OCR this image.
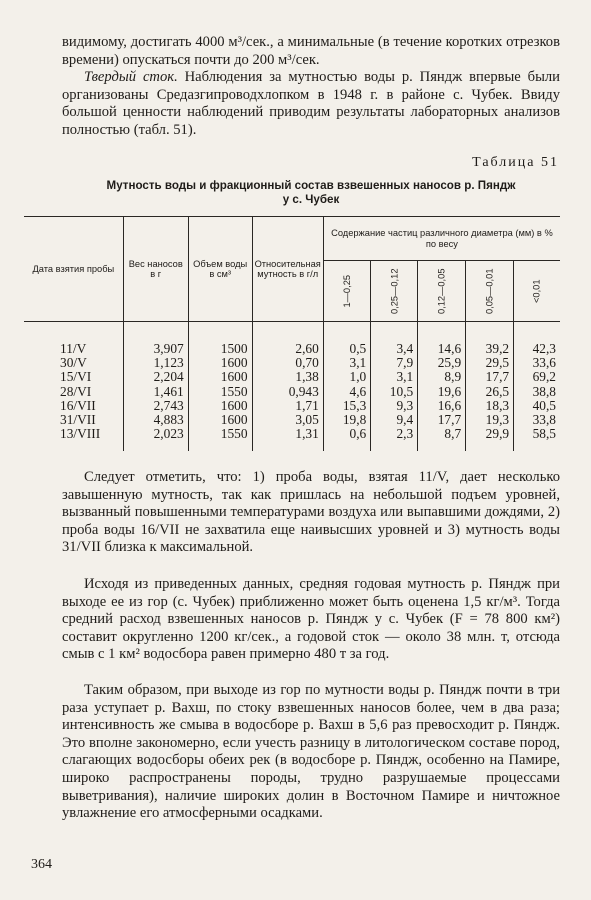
видимому, достигать 4000 м³/сек., а минимальные (в течение коротких отрезков времени) опускаться почти до 200 м³/сек.

Твердый сток. Наблюдения за мутностью воды р. Пяндж впервые были организованы Средазгипроводхлопком в 1948 г. в районе с. Чубек. Ввиду большой ценности наблюдений приводим результаты лабораторных анализов полностью (табл. 51).

Таблица 51
Мутность воды и фракционный состав взвешенных наносов р. Пяндж
у с. Чубек
Дата взятия пробы	Вес наносов в г	Объем воды в см³	Относительная мутность в г/л	Содержание частиц различного диаметра (мм) в % по весу				
				1—0,25	0,25—0,12	0,12—0,05	0,05—0,01	<0,01

11/V	3,907	1500	2,60	0,5	3,4	14,6	39,2	42,3
30/V	1,123	1600	0,70	3,1	7,9	25,9	29,5	33,6
15/VI	2,204	1600	1,38	1,0	3,1	8,9	17,7	69,2
28/VI	1,461	1550	0,943	4,6	10,5	19,6	26,5	38,8
16/VII	2,743	1600	1,71	15,3	9,3	16,6	18,3	40,5
31/VII	4,883	1600	3,05	19,8	9,4	17,7	19,3	33,8
13/VIII	2,023	1550	1,31	0,6	2,3	8,7	29,9	58,5

Следует отметить, что: 1) проба воды, взятая 11/V, дает несколько завышенную мутность, так как пришлась на небольшой подъем уровней, вызванный повышенными температурами воздуха или выпавшими дождями, 2) проба воды 16/VII не захватила еще наивысших уровней и 3) мутность воды 31/VII близка к максимальной.

Исходя из приведенных данных, средняя годовая мутность р. Пяндж при выходе ее из гор (с. Чубек) приближенно может быть оценена 1,5 кг/м³. Тогда средний расход взвешенных наносов р. Пяндж у с. Чубек (F = 78 800 км²) составит округленно 1200 кг/сек., а годовой сток — около 38 млн. т, отсюда смыв с 1 км² водосбора равен примерно 480 т за год.

Таким образом, при выходе из гор по мутности воды р. Пяндж почти в три раза уступает р. Вахш, по стоку взвешенных наносов более, чем в два раза; интенсивность же смыва в водосборе р. Вахш в 5,6 раз превосходит р. Пяндж. Это вполне закономерно, если учесть разницу в литологическом составе пород, слагающих водосборы обеих рек (в водосборе р. Пяндж, особенно на Памире, широко распространены породы, трудно разрушаемые процессами выветривания), наличие широких долин в Восточном Памире и ничтожное увлажнение его атмосферными осадками.

364
